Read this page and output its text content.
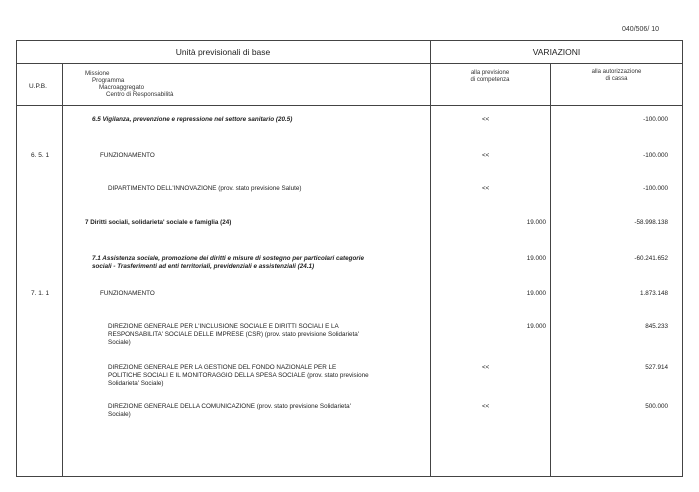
040/506/ 10
Unità previsionali di base	VARIAZIONI
U.P.B.
Missione
Programma
Macroaggregato
Centro di Responsabilità
alla previsione
di competenza
alla autorizzazione
di cassa
6.5 Vigilanza, prevenzione e repressione nel settore sanitario (20.5)	<<	-100.000
6. 5. 1	FUNZIONAMENTO	<<	-100.000
DIPARTIMENTO DELL'INNOVAZIONE (prov. stato previsione Salute)	<<	-100.000
7 Diritti sociali, solidarieta' sociale e famiglia (24)	19.000	-58.998.138
7.1 Assistenza sociale, promozione dei diritti e misure di sostegno per particolari categorie
sociali - Trasferimenti ad enti territoriali, previdenziali e assistenziali (24.1)
19.000	-60.241.652
7. 1. 1	FUNZIONAMENTO	19.000	1.873.148
DIREZIONE GENERALE PER L'INCLUSIONE SOCIALE E DIRITTI SOCIALI E LA
RESPONSABILITA' SOCIALE DELLE IMPRESE (CSR) (prov. stato previsione Solidarieta'
Sociale)
19.000	845.233
DIREZIONE GENERALE PER LA GESTIONE DEL FONDO NAZIONALE PER LE
POLITICHE SOCIALI E IL MONITORAGGIO DELLA SPESA SOCIALE (prov. stato previsione
Solidarieta' Sociale)
<<	527.914
DIREZIONE GENERALE DELLA COMUNICAZIONE (prov. stato previsione Solidarieta'
Sociale)
<<	500.000
